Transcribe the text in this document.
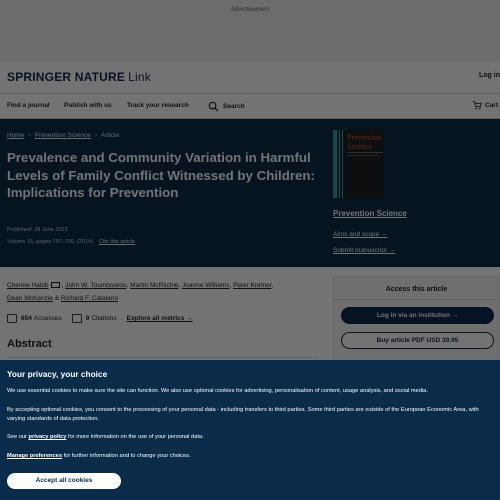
Your privacy, your choice

We use essential cookies to make sure the site can function. We also use optional cookies for advertising, personalisation of content, usage analysis, and social media.

By accepting optional cookies, you consent to the processing of your personal data - including transfers to third parties. Some third parties are outside of the European Economic Area, with varying standards of data protection.

See our privacy policy for more information on the use of your personal data.

Manage preferences for further information and to change your choices.

Accept all cookies
